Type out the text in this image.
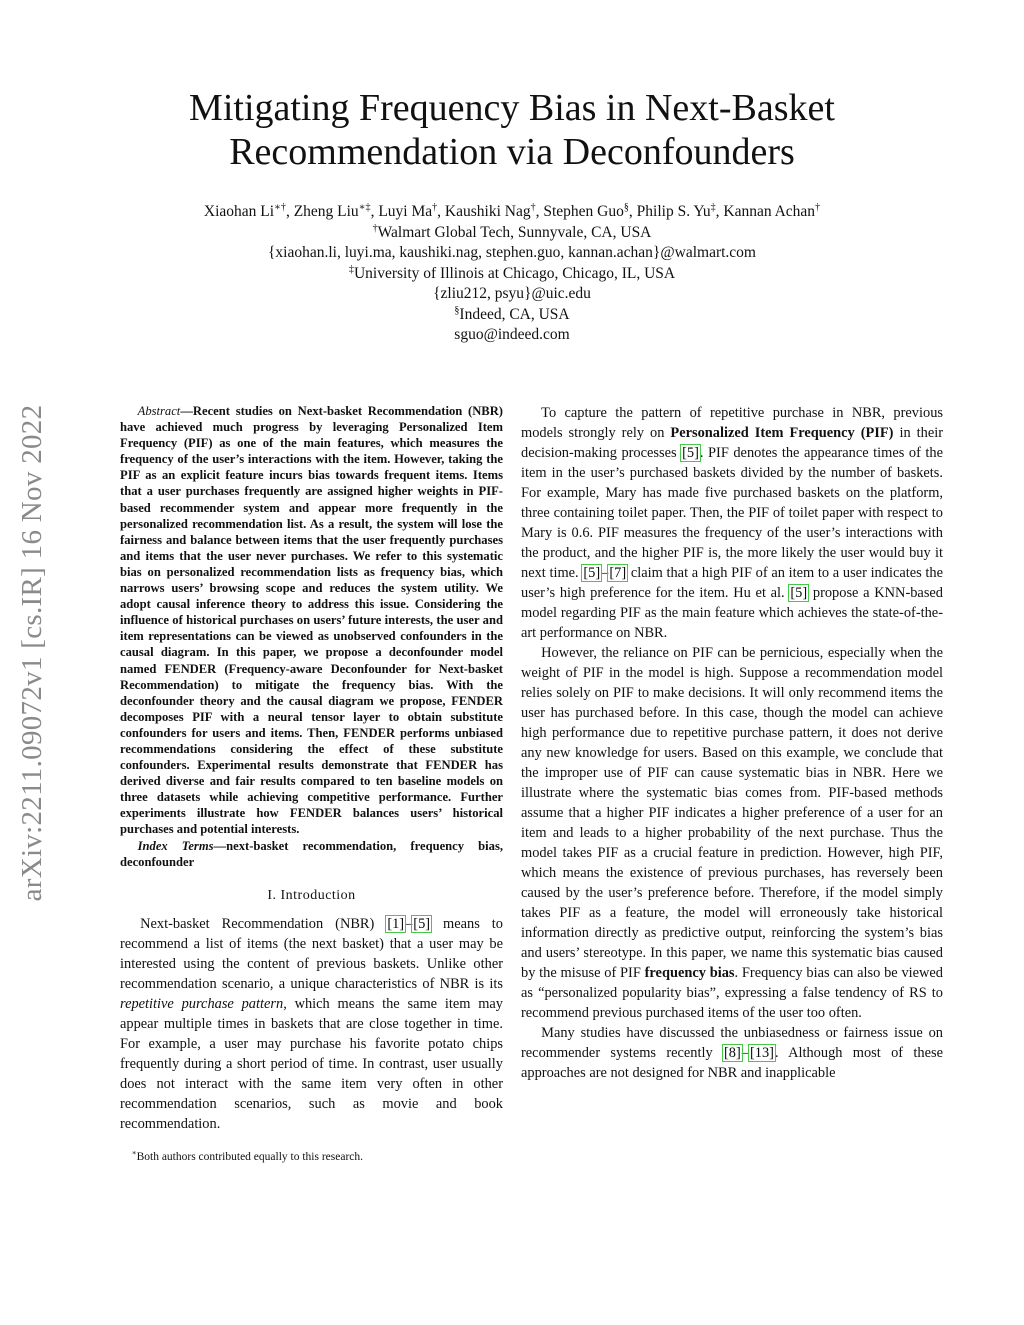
arXiv:2211.09072v1 [cs.IR] 16 Nov 2022
Mitigating Frequency Bias in Next-Basket
Recommendation via Deconfounders
Xiaohan Li∗†, Zheng Liu∗‡, Luyi Ma†, Kaushiki Nag†, Stephen Guo§, Philip S. Yu‡, Kannan Achan†
†Walmart Global Tech, Sunnyvale, CA, USA
{xiaohan.li, luyi.ma, kaushiki.nag, stephen.guo, kannan.achan}@walmart.com
‡University of Illinois at Chicago, Chicago, IL, USA
{zliu212, psyu}@uic.edu
§Indeed, CA, USA
sguo@indeed.com

Abstract—Recent studies on Next-basket Recommendation (NBR) have achieved much progress by leveraging Personalized Item Frequency (PIF) as one of the main features, which measures the frequency of the user’s interactions with the item. However, taking the PIF as an explicit feature incurs bias towards frequent items. Items that a user purchases frequently are assigned higher weights in PIF-based recommender system and appear more frequently in the personalized recommendation list. As a result, the system will lose the fairness and balance between items that the user frequently purchases and items that the user never purchases. We refer to this systematic bias on personalized recommendation lists as frequency bias, which narrows users’ browsing scope and reduces the system utility. We adopt causal inference theory to address this issue. Considering the influence of historical purchases on users’ future interests, the user and item representations can be viewed as unobserved confounders in the causal diagram. In this paper, we propose a deconfounder model named FENDER (Frequency-aware Deconfounder for Next-basket Recommendation) to mitigate the frequency bias. With the deconfounder theory and the causal diagram we propose, FENDER decomposes PIF with a neural tensor layer to obtain substitute confounders for users and items. Then, FENDER performs unbiased recommendations considering the effect of these substitute confounders. Experimental results demonstrate that FENDER has derived diverse and fair results compared to ten baseline models on three datasets while achieving competitive performance. Further experiments illustrate how FENDER balances users’ historical purchases and potential interests.

Index Terms—next-basket recommendation, frequency bias, deconfounder

I. Introduction

Next-basket Recommendation (NBR) [1]–[5] means to recommend a list of items (the next basket) that a user may be interested using the content of previous baskets. Unlike other recommendation scenario, a unique characteristics of NBR is its repetitive purchase pattern, which means the same item may appear multiple times in baskets that are close together in time. For example, a user may purchase his favorite potato chips frequently during a short period of time. In contrast, user usually does not interact with the same item very often in other recommendation scenarios, such as movie and book recommendation.

∗Both authors contributed equally to this research.

To capture the pattern of repetitive purchase in NBR, previous models strongly rely on Personalized Item Frequency (PIF) in their decision-making processes [5]. PIF denotes the appearance times of the item in the user’s purchased baskets divided by the number of baskets. For example, Mary has made five purchased baskets on the platform, three containing toilet paper. Then, the PIF of toilet paper with respect to Mary is 0.6. PIF measures the frequency of the user’s interactions with the product, and the higher PIF is, the more likely the user would buy it next time. [5]–[7] claim that a high PIF of an item to a user indicates the user’s high preference for the item. Hu et al. [5] propose a KNN-based model regarding PIF as the main feature which achieves the state-of-the-art performance on NBR.

However, the reliance on PIF can be pernicious, especially when the weight of PIF in the model is high. Suppose a recommendation model relies solely on PIF to make decisions. It will only recommend items the user has purchased before. In this case, though the model can achieve high performance due to repetitive purchase pattern, it does not derive any new knowledge for users. Based on this example, we conclude that the improper use of PIF can cause systematic bias in NBR. Here we illustrate where the systematic bias comes from. PIF-based methods assume that a higher PIF indicates a higher preference of a user for an item and leads to a higher probability of the next purchase. Thus the model takes PIF as a crucial feature in prediction. However, high PIF, which means the existence of previous purchases, has reversely been caused by the user’s preference before. Therefore, if the model simply takes PIF as a feature, the model will erroneously take historical information directly as predictive output, reinforcing the system’s bias and users’ stereotype. In this paper, we name this systematic bias caused by the misuse of PIF frequency bias. Frequency bias can also be viewed as “personalized popularity bias”, expressing a false tendency of RS to recommend previous purchased items of the user too often.

Many studies have discussed the unbiasedness or fairness issue on recommender systems recently [8]–[13]. Although most of these approaches are not designed for NBR and inapplicable
